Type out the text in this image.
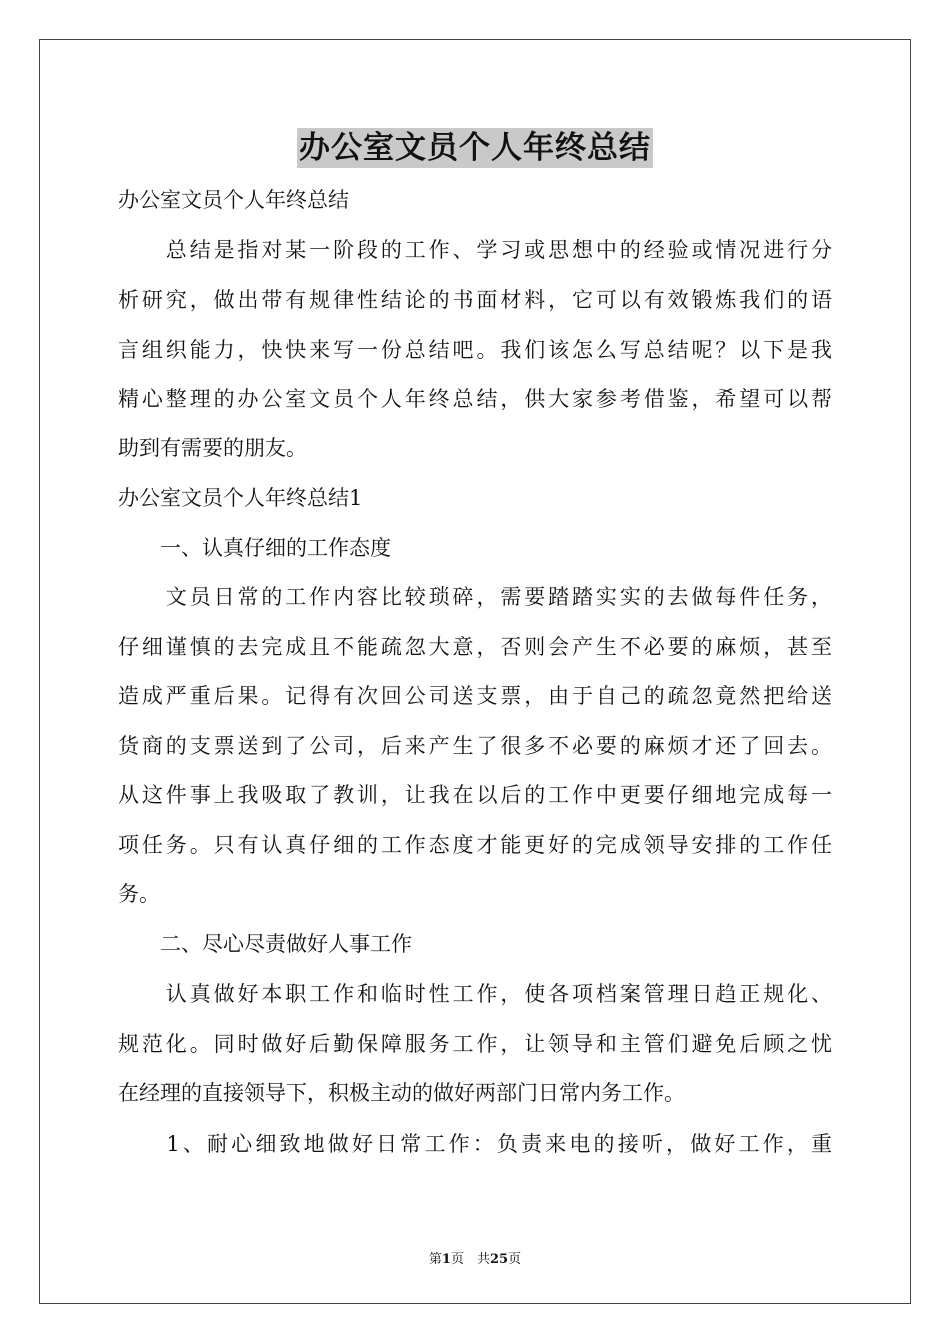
办公室文员个人年终总结
办公室文员个人年终总结
　　总结是指对某一阶段的工作、学习或思想中的经验或情况进行分
析研究，做出带有规律性结论的书面材料，它可以有效锻炼我们的语
言组织能力，快快来写一份总结吧。我们该怎么写总结呢？以下是我
精心整理的办公室文员个人年终总结，供大家参考借鉴，希望可以帮
助到有需要的朋友。
办公室文员个人年终总结1
　　一、认真仔细的工作态度
　　文员日常的工作内容比较琐碎，需要踏踏实实的去做每件任务，
仔细谨慎的去完成且不能疏忽大意，否则会产生不必要的麻烦，甚至
造成严重后果。记得有次回公司送支票，由于自己的疏忽竟然把给送
货商的支票送到了公司，后来产生了很多不必要的麻烦才还了回去。
从这件事上我吸取了教训，让我在以后的工作中更要仔细地完成每一
项任务。只有认真仔细的工作态度才能更好的完成领导安排的工作任
务。
　　二、尽心尽责做好人事工作
　　认真做好本职工作和临时性工作，使各项档案管理日趋正规化、
规范化。同时做好后勤保障服务工作，让领导和主管们避免后顾之忧
在经理的直接领导下，积极主动的做好两部门日常内务工作。
　　1、耐心细致地做好日常工作：负责来电的接听，做好工作，重
第1页　共25页
